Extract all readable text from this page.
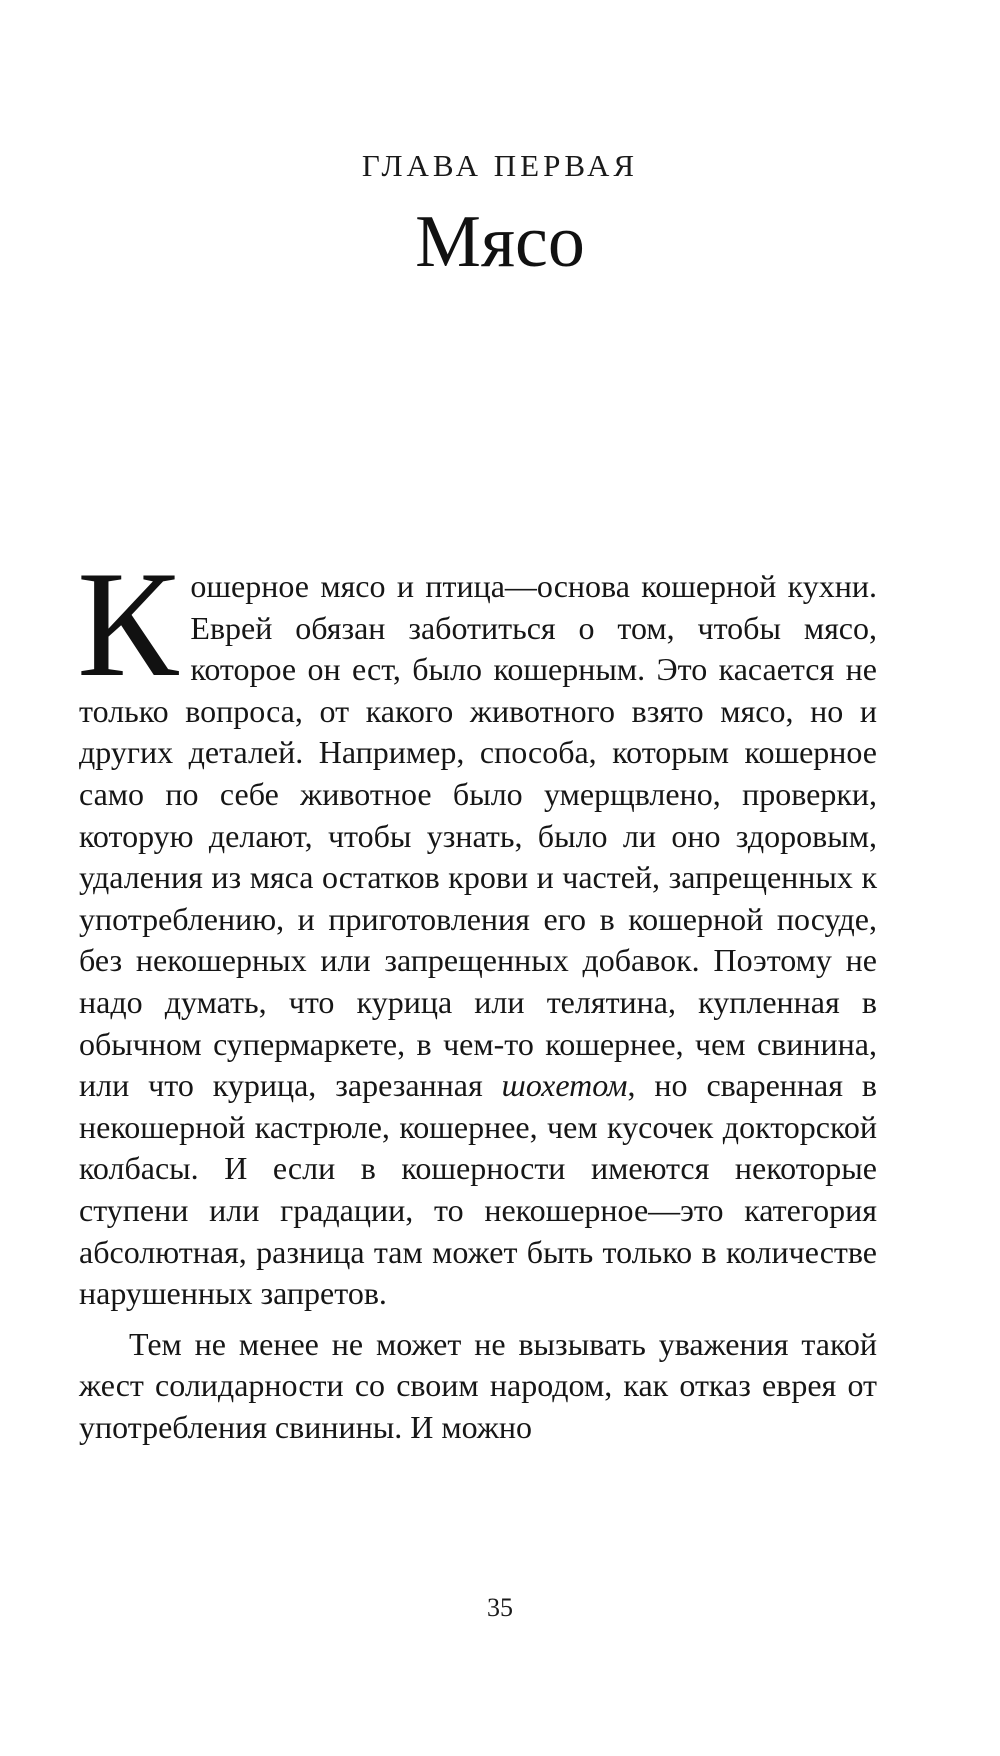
ГЛАВА ПЕРВАЯ
Мясо

Кошерное мясо и птица—основа кошерной кухни. Еврей обязан заботиться о том, чтобы мясо, которое он ест, было кошерным. Это касается не только вопроса, от какого животного взято мясо, но и других деталей. Например, способа, которым кошерное само по себе животное было умерщвлено, проверки, которую делают, чтобы узнать, было ли оно здоровым, удаления из мяса остатков крови и частей, запрещенных к употреблению, и приготовления его в кошерной посуде, без некошерных или запрещенных добавок. Поэтому не надо думать, что курица или телятина, купленная в обычном супермаркете, в чем-то кошернее, чем свинина, или что курица, зарезанная шохетом, но сваренная в некошерной кастрюле, кошернее, чем кусочек докторской колбасы. И если в кошерности имеются некоторые ступени или градации, то некошерное—это категория абсолютная, разница там может быть только в количестве нарушенных запретов.

Тем не менее не может не вызывать уважения такой жест солидарности со своим народом, как отказ еврея от употребления свинины. И можно

35
